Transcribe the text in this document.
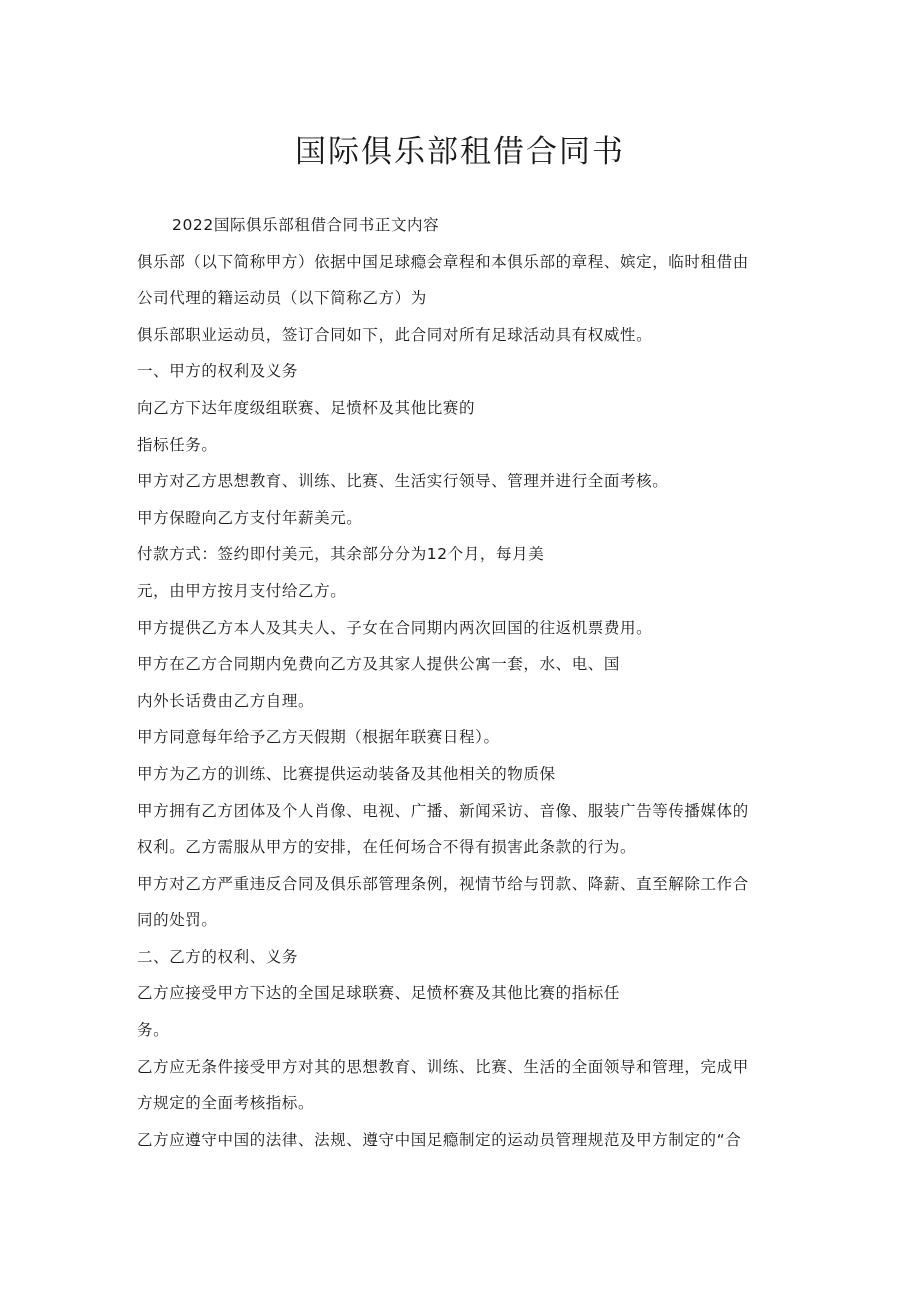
国际俱乐部租借合同书
2022国际俱乐部租借合同书正文内容
俱乐部（以下简称甲方）依据中国足球瘾会章程和本俱乐部的章程、嫔定，临时租借由
公司代理的籍运动员（以下简称乙方）为
俱乐部职业运动员，签订合同如下，此合同对所有足球活动具有权威性。
一、甲方的权利及义务
向乙方下达年度级组联赛、足愤杯及其他比赛的
指标任务。
甲方对乙方思想教育、训练、比赛、生活实行领导、管理并进行全面考核。
甲方保瞪向乙方支付年薪美元。
付款方式：签约即付美元，其余部分分为12个月，每月美
元，由甲方按月支付给乙方。
甲方提供乙方本人及其夫人、子女在合同期内两次回国的往返机票费用。
甲方在乙方合同期内免费向乙方及其家人提供公寓一套，水、电、国
内外长话费由乙方自理。
甲方同意每年给予乙方天假期（根据年联赛日程）。
甲方为乙方的训练、比赛提供运动装备及其他相关的物质保
甲方拥有乙方团体及个人肖像、电视、广播、新闻采访、音像、服装广告等传播媒体的
权利。乙方需服从甲方的安排，在任何场合不得有损害此条款的行为。
甲方对乙方严重违反合同及俱乐部管理条例，视情节给与罚款、降薪、直至解除工作合
同的处罚。
二、乙方的权利、义务
乙方应接受甲方下达的全国足球联赛、足愤杯赛及其他比赛的指标任
务。
乙方应无条件接受甲方对其的思想教育、训练、比赛、生活的全面领导和管理，完成甲
方规定的全面考核指标。
乙方应遵守中国的法律、法规、遵守中国足瘾制定的运动员管理规范及甲方制定的“合
